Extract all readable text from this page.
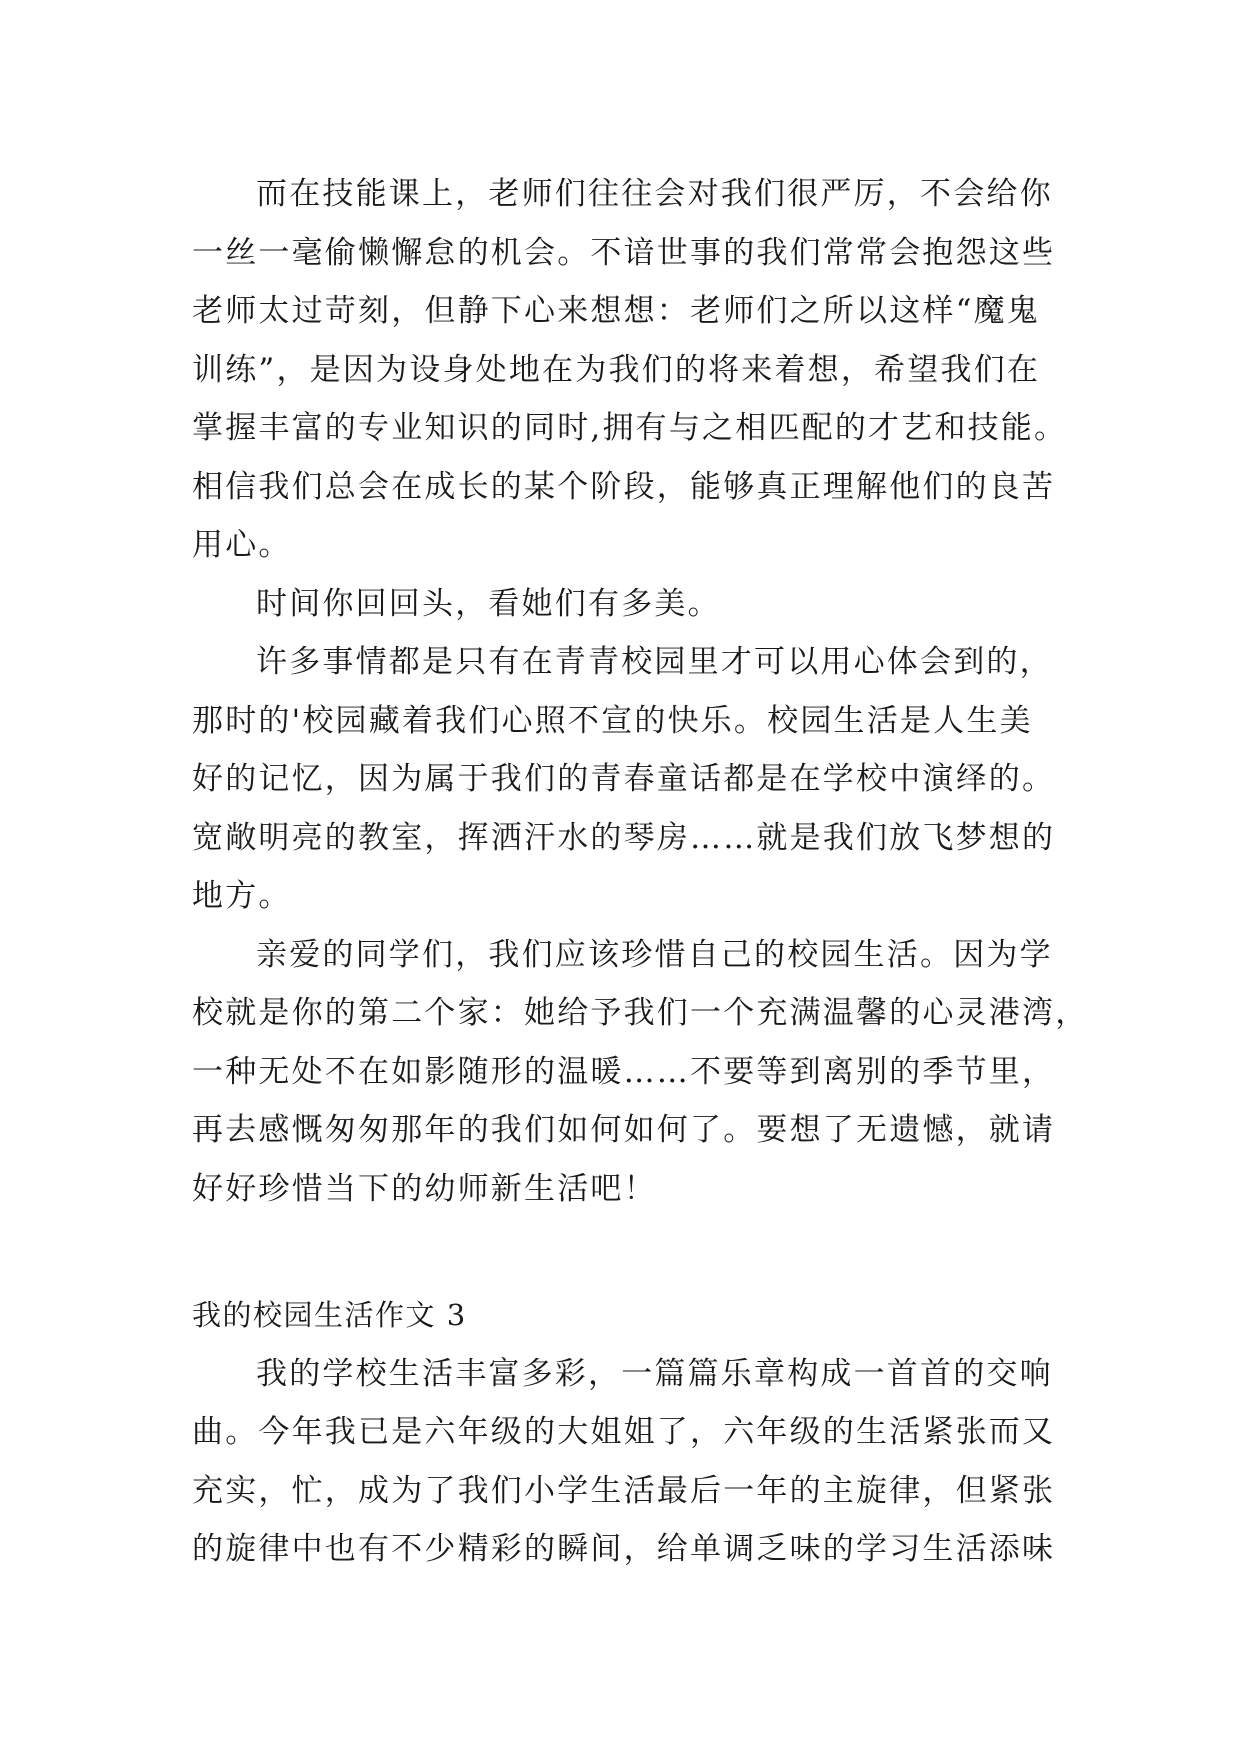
而在技能课上，老师们往往会对我们很严厉，不会给你
一丝一毫偷懒懈怠的机会。不谙世事的我们常常会抱怨这些
老师太过苛刻，但静下心来想想：老师们之所以这样“魔鬼
训练”，是因为设身处地在为我们的将来着想，希望我们在
掌握丰富的专业知识的同时,拥有与之相匹配的才艺和技能。
相信我们总会在成长的某个阶段，能够真正理解他们的良苦
用心。
时间你回回头，看她们有多美。
许多事情都是只有在青青校园里才可以用心体会到的，
那时的'校园藏着我们心照不宣的快乐。校园生活是人生美
好的记忆，因为属于我们的青春童话都是在学校中演绎的。
宽敞明亮的教室，挥洒汗水的琴房……就是我们放飞梦想的
地方。
亲爱的同学们，我们应该珍惜自己的校园生活。因为学
校就是你的第二个家：她给予我们一个充满温馨的心灵港湾，
一种无处不在如影随形的温暖……不要等到离别的季节里，
再去感慨匆匆那年的我们如何如何了。要想了无遗憾，就请
好好珍惜当下的幼师新生活吧！
我的校园生活作文 3
我的学校生活丰富多彩，一篇篇乐章构成一首首的交响
曲。今年我已是六年级的大姐姐了，六年级的生活紧张而又
充实，忙，成为了我们小学生活最后一年的主旋律，但紧张
的旋律中也有不少精彩的瞬间，给单调乏味的学习生活添味
